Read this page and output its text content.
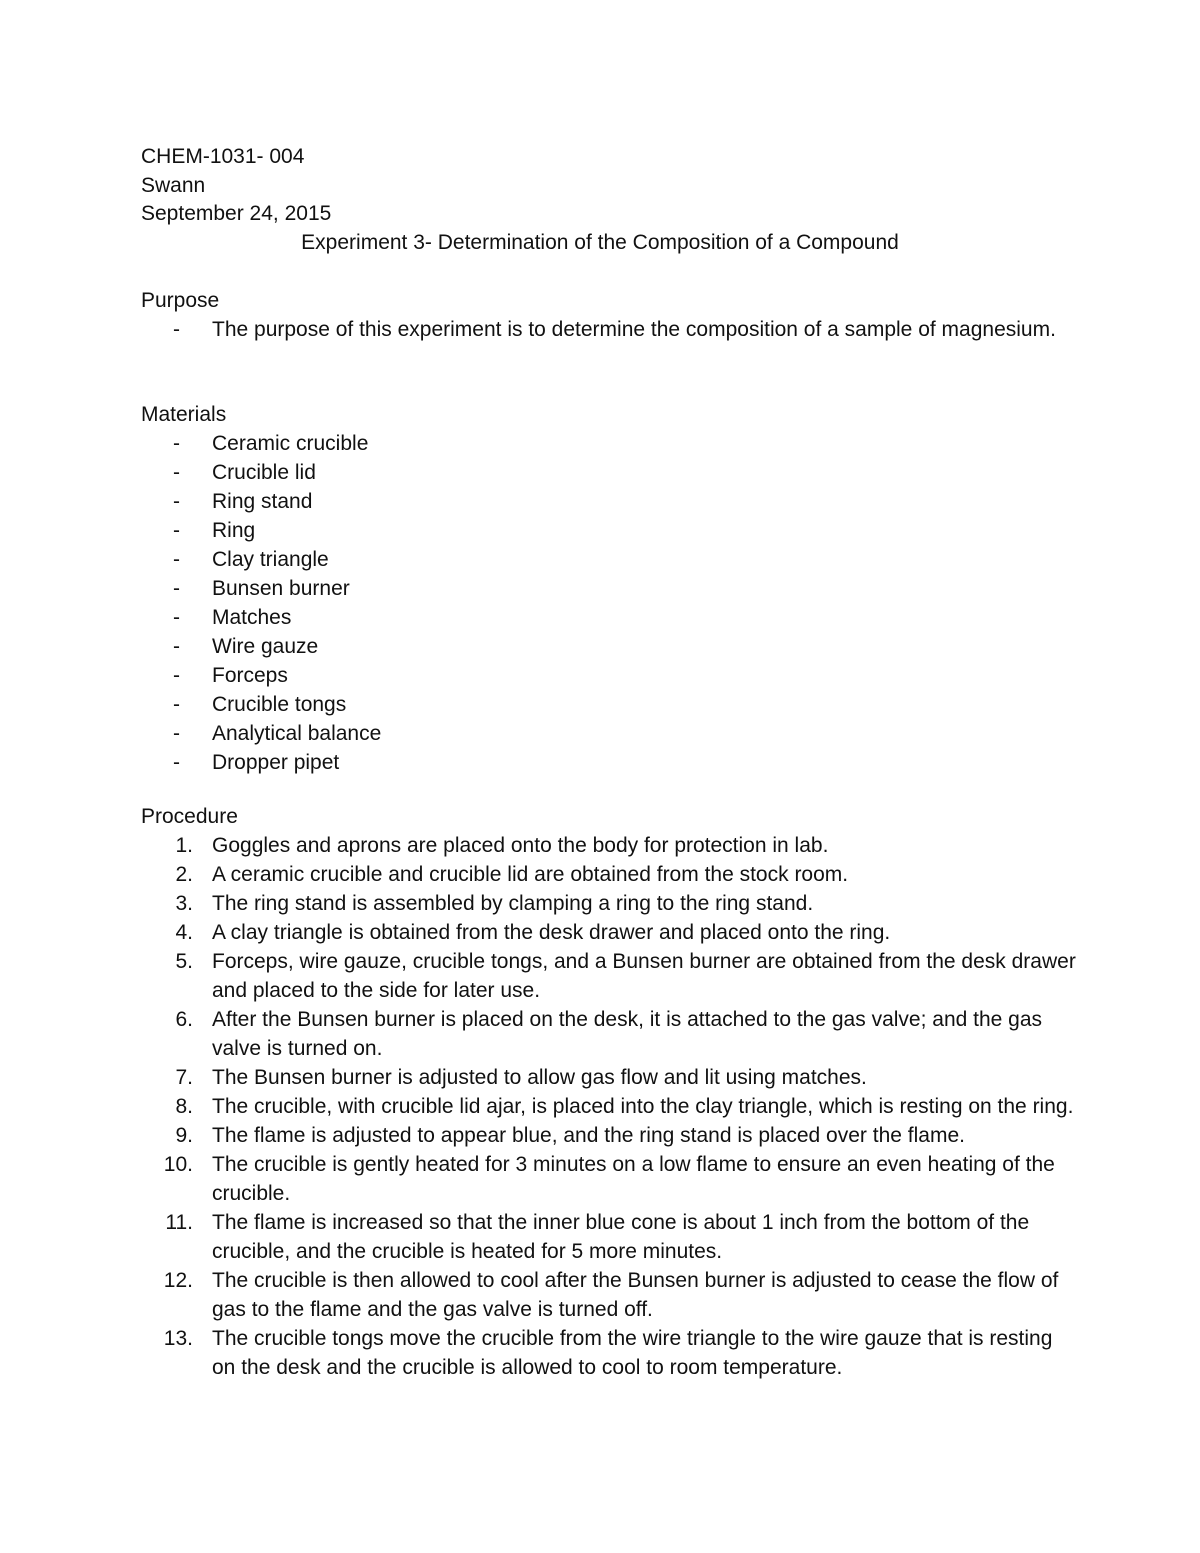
CHEM-1031- 004
Swann
September 24, 2015
Experiment 3- Determination of the Composition of a Compound
Purpose
-	The purpose of this experiment is to determine the composition of a sample of magnesium.
Materials
-	Ceramic crucible
-	Crucible lid
-	Ring stand
-	Ring
-	Clay triangle
-	Bunsen burner
-	Matches
-	Wire gauze
-	Forceps
-	Crucible tongs
-	Analytical balance
-	Dropper pipet
Procedure
1. Goggles and aprons are placed onto the body for protection in lab.
2. A ceramic crucible and crucible lid are obtained from the stock room.
3. The ring stand is assembled by clamping a ring to the ring stand.
4. A clay triangle is obtained from the desk drawer and placed onto the ring.
5. Forceps, wire gauze, crucible tongs, and a Bunsen burner are obtained from the desk drawer and placed to the side for later use.
6. After the Bunsen burner is placed on the desk, it is attached to the gas valve; and the gas valve is turned on.
7. The Bunsen burner is adjusted to allow gas flow and lit using matches.
8. The crucible, with crucible lid ajar, is placed into the clay triangle, which is resting on the ring.
9. The flame is adjusted to appear blue, and the ring stand is placed over the flame.
10. The crucible is gently heated for 3 minutes on a low flame to ensure an even heating of the crucible.
11. The flame is increased so that the inner blue cone is about 1 inch from the bottom of the crucible, and the crucible is heated for 5 more minutes.
12. The crucible is then allowed to cool after the Bunsen burner is adjusted to cease the flow of gas to the flame and the gas valve is turned off.
13. The crucible tongs move the crucible from the wire triangle to the wire gauze that is resting on the desk and the crucible is allowed to cool to room temperature.
